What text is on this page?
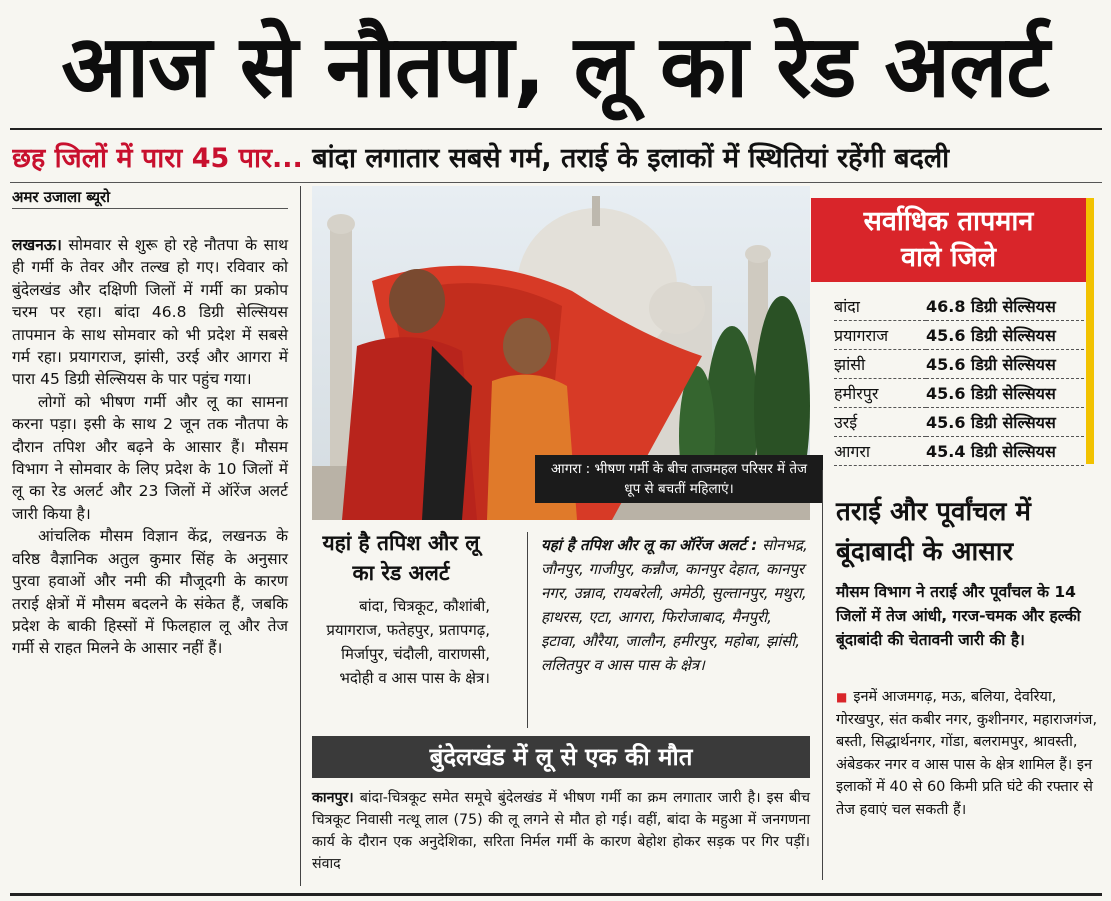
आज से नौतपा, लू का रेड अलर्ट
छह जिलों में पारा 45 पार... बांदा लगातार सबसे गर्म, तराई के इलाकों में स्थितियां रहेंगी बदली
अमर उजाला ब्यूरो

लखनऊ। सोमवार से शुरू हो रहे नौतपा के साथ ही गर्मी के तेवर और तल्ख हो गए। रविवार को बुंदेलखंड और दक्षिणी जिलों में गर्मी का प्रकोप चरम पर रहा। बांदा 46.8 डिग्री सेल्सियस तापमान के साथ सोमवार को भी प्रदेश में सबसे गर्म रहा। प्रयागराज, झांसी, उरई और आगरा में पारा 45 डिग्री सेल्सियस के पार पहुंच गया।

लोगों को भीषण गर्मी और लू का सामना करना पड़ा। इसी के साथ 2 जून तक नौतपा के दौरान तपिश और बढ़ने के आसार हैं। मौसम विभाग ने सोमवार के लिए प्रदेश के 10 जिलों में लू का रेड अलर्ट और 23 जिलों में ऑरेंज अलर्ट जारी किया है।

आंचलिक मौसम विज्ञान केंद्र, लखनऊ के वरिष्ठ वैज्ञानिक अतुल कुमार सिंह के अनुसार पुरवा हवाओं और नमी की मौजूदगी के कारण तराई क्षेत्रों में मौसम बदलने के संकेत हैं, जबकि प्रदेश के बाकी हिस्सों में फिलहाल लू और तेज गर्मी से राहत मिलने के आसार नहीं हैं।

आगरा : भीषण गर्मी के बीच ताजमहल परिसर में तेज धूप से बचतीं महिलाएं।
यहां है तपिश और लू का रेड अलर्ट
बांदा, चित्रकूट, कौशांबी, प्रयागराज, फतेहपुर, प्रतापगढ़, मिर्जापुर, चंदौली, वाराणसी, भदोही व आस पास के क्षेत्र।
यहां है तपिश और लू का ऑरेंज अलर्ट : सोनभद्र, जौनपुर, गाजीपुर, कन्नौज, कानपुर देहात, कानपुर नगर, उन्नाव, रायबरेली, अमेठी, सुल्तानपुर, मथुरा, हाथरस, एटा, आगरा, फिरोजाबाद, मैनपुरी, इटावा, औरैया, जालौन, हमीरपुर, महोबा, झांसी, ललितपुर व आस पास के क्षेत्र।
बुंदेलखंड में लू से एक की मौत
कानपुर। बांदा-चित्रकूट समेत समूचे बुंदेलखंड में भीषण गर्मी का क्रम लगातार जारी है। इस बीच चित्रकूट निवासी नत्थू लाल (75) की लू लगने से मौत हो गई। वहीं, बांदा के महुआ में जनगणना कार्य के दौरान एक अनुदेशिका, सरिता निर्मल गर्मी के कारण बेहोश होकर सड़क पर गिर पड़ीं। संवाद
सर्वाधिक तापमान
वाले जिले
बांदा	46.8 डिग्री सेल्सियस
प्रयागराज	45.6 डिग्री सेल्सियस
झांसी	45.6 डिग्री सेल्सियस
हमीरपुर	45.6 डिग्री सेल्सियस
उरई	45.6 डिग्री सेल्सियस
आगरा	45.4 डिग्री सेल्सियस
तराई और पूर्वांचल में बूंदाबादी के आसार
मौसम विभाग ने तराई और पूर्वांचल के 14 जिलों में तेज आंधी, गरज-चमक और हल्की बूंदाबांदी की चेतावनी जारी की है।
■ इनमें आजमगढ़, मऊ, बलिया, देवरिया, गोरखपुर, संत कबीर नगर, कुशीनगर, महाराजगंज, बस्ती, सिद्धार्थनगर, गोंडा, बलरामपुर, श्रावस्ती, अंबेडकर नगर व आस पास के क्षेत्र शामिल हैं। इन इलाकों में 40 से 60 किमी प्रति घंटे की रफ्तार से तेज हवाएं चल सकती हैं।
